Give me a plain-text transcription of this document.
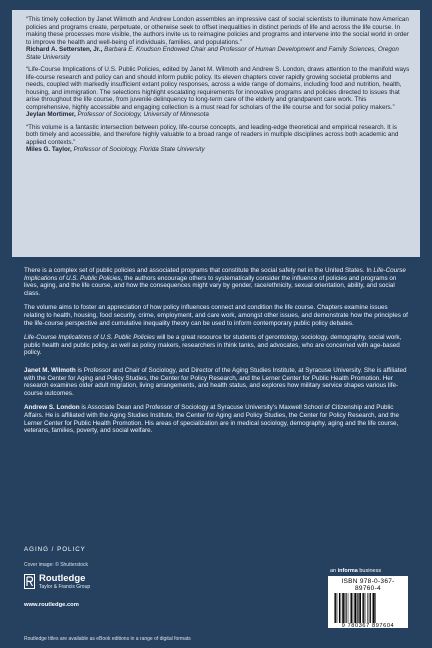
“This timely collection by Janet Wilmoth and Andrew London assembles an impressive cast of social scientists to illuminate how American policies and programs create, perpetuate, or otherwise seek to offset inequalities in distinct periods of life and across the life course. In making these processes more visible, the authors invite us to reimagine policies and programs and intervene into the social world in order to improve the health and well-being of individuals, families, and populations.”

Richard A. Settersten, Jr., Barbara E. Knudson Endowed Chair and Professor of Human Development and Family Sciences, Oregon State University

“Life-Course Implications of U.S. Public Policies, edited by Janet M. Wilmoth and Andrew S. London, draws attention to the manifold ways life-course research and policy can and should inform public policy. Its eleven chapters cover rapidly growing societal problems and needs, coupled with markedly insufficient extant policy responses, across a wide range of domains, including food and nutrition, health, housing, and immigration. The selections highlight escalating requirements for innovative programs and policies directed to issues that arise throughout the life course, from juvenile delinquency to long-term care of the elderly and grandparent care work. This comprehensive, highly accessible and engaging collection is a must read for scholars of the life course and for social policy makers.”

Jeylan Mortimer, Professor of Sociology, University of Minnesota

“This volume is a fantastic intersection between policy, life-course concepts, and leading-edge theoretical and empirical research. It is both timely and accessible, and therefore highly valuable to a broad range of readers in multiple disciplines across both academic and applied contexts.”

Miles G. Taylor, Professor of Sociology, Florida State University

There is a complex set of public policies and associated programs that constitute the social safety net in the United States. In Life-Course Implications of U.S. Public Policies, the authors encourage others to systematically consider the influence of policies and programs on lives, aging, and the life course, and how the consequences might vary by gender, race/ethnicity, sexual orientation, ability, and social class.

The volume aims to foster an appreciation of how policy influences connect and condition the life course. Chapters examine issues relating to health, housing, food security, crime, employment, and care work, amongst other issues, and demonstrate how the principles of the life-course perspective and cumulative inequality theory can be used to inform contemporary public policy debates.

Life-Course Implications of U.S. Public Policies will be a great resource for students of gerontology, sociology, demography, social work, public health and public policy, as well as policy makers, researchers in think tanks, and advocates, who are concerned with age-based policy.

Janet M. Wilmoth is Professor and Chair of Sociology, and Director of the Aging Studies Institute, at Syracuse University. She is affiliated with the Center for Aging and Policy Studies, the Center for Policy Research, and the Lerner Center for Public Health Promotion. Her research examines older adult migration, living arrangements, and health status, and explores how military service shapes various life-course outcomes.

Andrew S. London is Associate Dean and Professor of Sociology at Syracuse University’s Maxwell School of Citizenship and Public Affairs. He is affiliated with the Aging Studies Institute, the Center for Aging and Policy Studies, the Center for Policy Research, and the Lerner Center for Public Health Promotion. His areas of specialization are in medical sociology, demography, aging and the life course, veterans, families, poverty, and social welfare.

AGING / POLICY
Cover image: © Shutterstock
Routledge
Taylor & Francis Group
www.routledge.com
an informa business
ISBN 978-0-367-89760-4
9 780367 897604
Routledge titles are available as eBook editions in a range of digital formats
